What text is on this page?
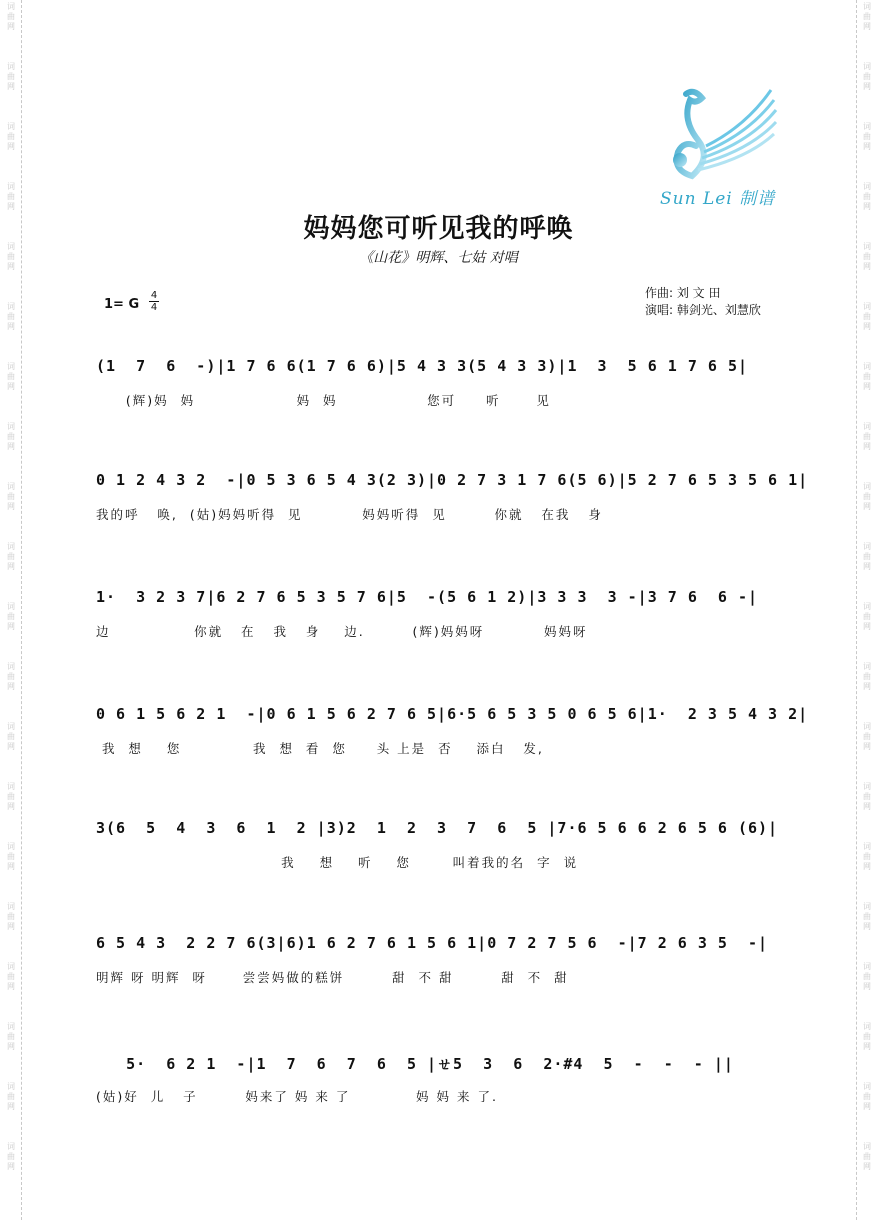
词
曲
网
词
曲
网
词
曲
网
词
曲
网
词
曲
网
词
曲
网
词
曲
网
词
曲
网
词
曲
网
词
曲
网
词
曲
网
词
曲
网
词
曲
网
词
曲
网
词
曲
网
词
曲
网
词
曲
网
词
曲
网
词
曲
网
词
曲
网
词
曲
网
词
曲
网
词
曲
网
词
曲
网
词
曲
网
词
曲
网
词
曲
网
词
曲
网
词
曲
网
词
曲
网
词
曲
网
词
曲
网
词
曲
网
词
曲
网
词
曲
网
词
曲
网
词
曲
网
词
曲
网
词
曲
网
词
曲
网
Sun Lei 制谱
妈妈您可听见我的呼唤
《山花》明辉、七姑 对唱
1= G
4
4
作曲: 刘 文 田
演唱: 韩剑光、刘慧欣
(1  7  6  -)|1 7 6 6(1 7 6 6)|5 4 3 3(5 4 3 3)|1  3  5 6 1 7 6 5|
(辉)妈  妈                 妈  妈               您可     听      见
0 1 2 4 3 2  -|0 5 3 6 5 4 3(2 3)|0 2 7 3 1 7 6(5 6)|5 2 7 6 5 3 5 6 1|
我的呼   唤,  (姑)妈妈听得  见          妈妈听得  见        你就   在我   身
1·  3 2 3 7|6 2 7 6 5 3 5 7 6|5  -(5 6 1 2)|3 3 3  3 -|3 7 6  6 -|
边              你就   在   我   身    边.        (辉)妈妈呀          妈妈呀
0 6 1 5 6 2 1  -|0 6 1 5 6 2 7 6 5|6·5 6 5 3 5 0 6 5 6|1·  2 3 5 4 3 2|
我  想    您            我  想  看  您     头 上是  否    添白   发,
3(6  5  4  3  6  1  2 |3)2  1  2  3  7  6  5 |7·6 5 6 6 2 6 5 6 (6)|
我    想    听    您       叫着我的名  字  说
6 5 4 3  2 2 7 6(3|6)1 6 2 7 6 1 5 6 1|0 7 2 7 5 6  -|7 2 6 3 5  -|
明辉 呀 明辉  呀      尝尝妈做的糕饼        甜  不 甜        甜  不  甜
5·  6 2 1  -|1  7  6  7  6  5 |ㄝ5  3  6  2·#4  5  -  -  - ||
(姑)好  儿   子        妈来了 妈 来 了           妈 妈 来 了.
